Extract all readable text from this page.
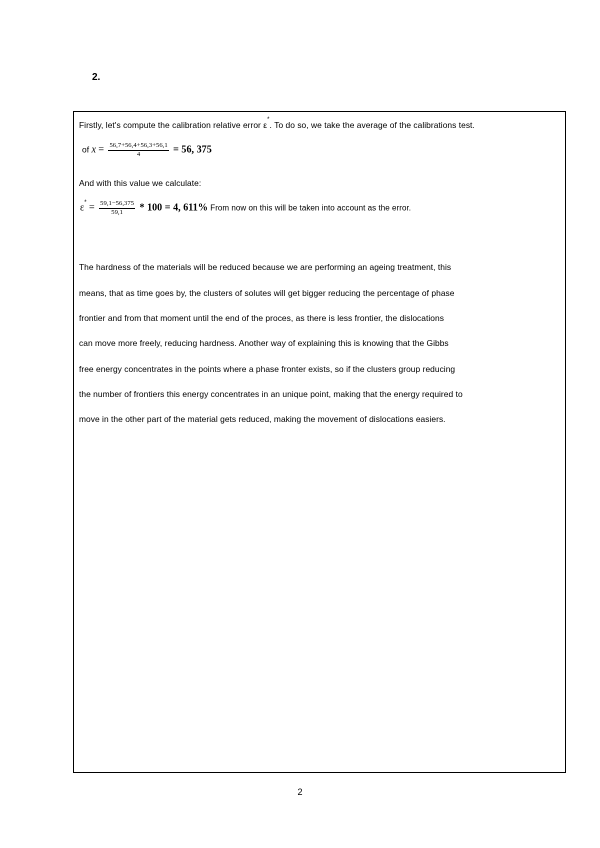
2.
Firstly, let's compute the calibration relative error ε*. To do so, we take the average of the calibrations test.
of $x = \frac{56,7+56,4+56,3+56,1}{4} = 56$, 375
And with this value we calculate:
$\varepsilon^* = \frac{59,1-56,375}{59,1} * 100 = 4$, 611% From now on this will be taken into account as the error.
The hardness of the materials will be reduced because we are performing an ageing treatment, this
means, that as time goes by, the clusters of solutes will get bigger reducing the percentage of phase
frontier and from that moment until the end of the proces, as there is less frontier, the dislocations
can move more freely, reducing hardness. Another way of explaining this is knowing that the Gibbs
free energy concentrates in the points where a phase fronter exists, so if the clusters group reducing
the number of frontiers this energy concentrates in an unique point, making that the energy required to
move in the other part of the material gets reduced, making the movement of dislocations easiers.
2
